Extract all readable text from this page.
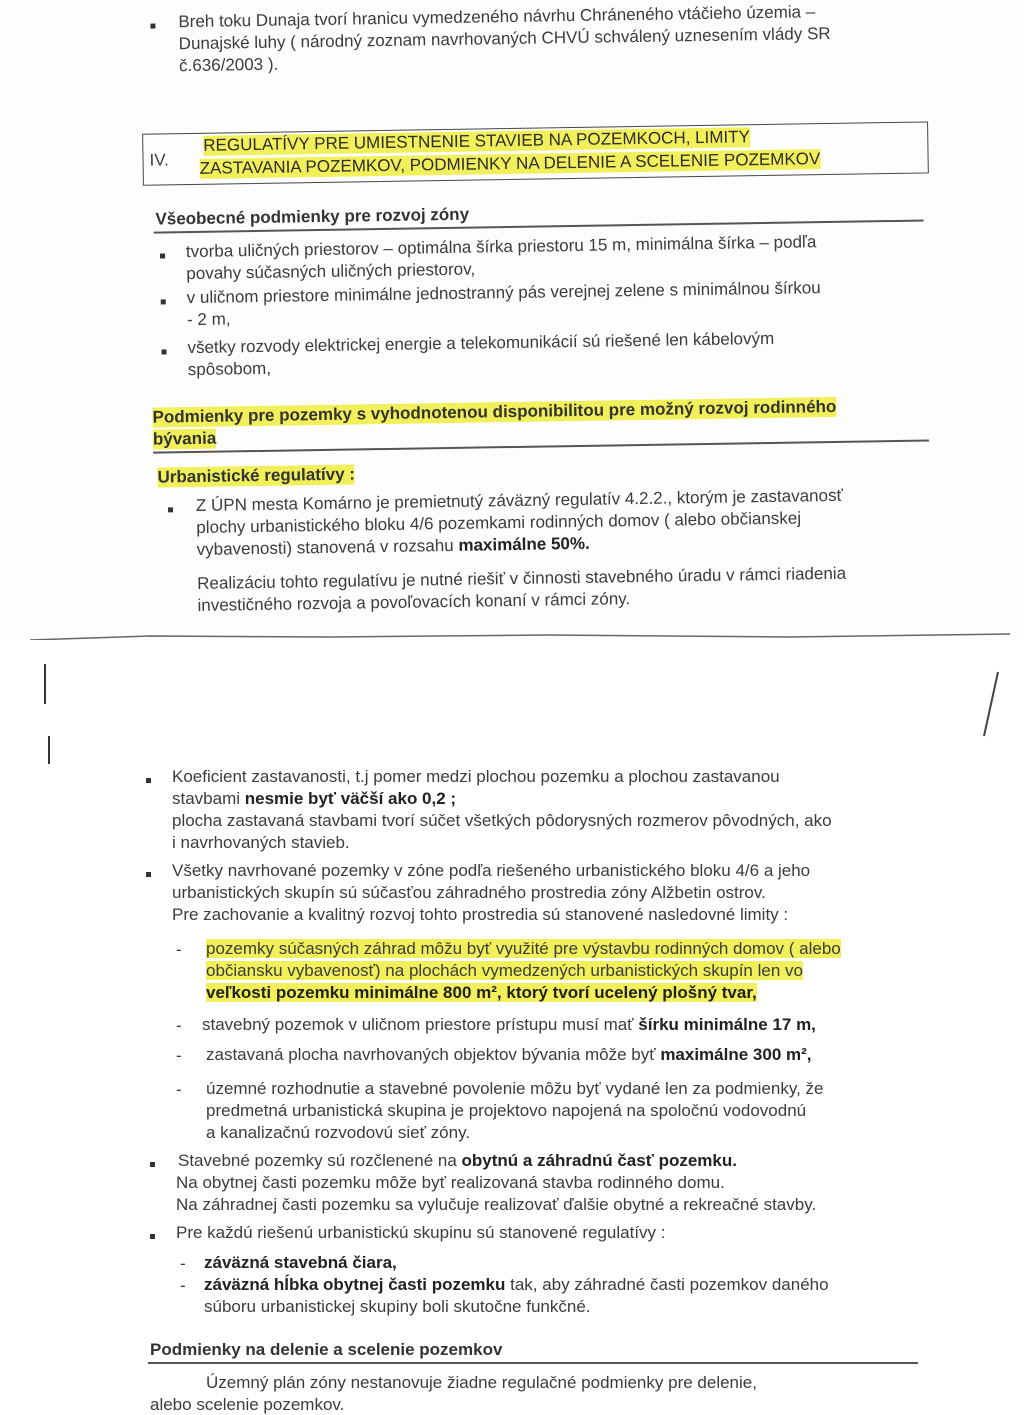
Breh toku Dunaja tvorí hranicu vymedzeného návrhu Chráneného vtáčieho územia –
Dunajské luhy ( národný zoznam navrhovaných CHVÚ schválený uznesením vlády SR
č.636/2003 ).
IV.
REGULATÍVY PRE UMIESTNENIE STAVIEB NA POZEMKOCH, LIMITY
ZASTAVANIA POZEMKOV, PODMIENKY NA DELENIE A SCELENIE POZEMKOV
Všeobecné podmienky pre rozvoj zóny
tvorba uličných priestorov – optimálna šírka priestoru 15 m, minimálna šírka – podľa
povahy súčasných uličných priestorov,
v uličnom priestore minimálne jednostranný pás verejnej zelene s minimálnou šírkou
- 2 m,
všetky rozvody elektrickej energie a telekomunikácií sú riešené len kábelovým
spôsobom,
Podmienky pre pozemky s vyhodnotenou disponibilitou pre možný rozvoj rodinného
bývania
Urbanistické regulatívy :
Z ÚPN mesta Komárno je premietnutý záväzný regulatív 4.2.2., ktorým je zastavanosť
plochy urbanistického bloku 4/6 pozemkami rodinných domov ( alebo občianskej
vybavenosti) stanovená v rozsahu maximálne 50%.
Realizáciu tohto regulatívu je nutné riešiť v činnosti stavebného úradu v rámci riadenia
investičného rozvoja a povoľovacích konaní v rámci zóny.
Koeficient zastavanosti, t.j pomer medzi plochou pozemku a plochou zastavanou
stavbami nesmie byť väčší ako 0,2 ;
plocha zastavaná stavbami tvorí súčet všetkých pôdorysných rozmerov pôvodných, ako
i navrhovaných stavieb.
Všetky navrhované pozemky v zóne podľa riešeného urbanistického bloku 4/6 a jeho
urbanistických skupín sú súčasťou záhradného prostredia zóny Alžbetin ostrov.
Pre zachovanie a kvalitný rozvoj tohto prostredia sú stanovené nasledovné limity :
- pozemky súčasných záhrad môžu byť využité pre výstavbu rodinných domov ( alebo
občiansku vybavenosť) na plochách vymedzených urbanistických skupín len vo
veľkosti pozemku minimálne 800 m², ktorý tvorí ucelený plošný tvar,
- stavebný pozemok v uličnom priestore prístupu musí mať šírku minimálne 17 m,
- zastavaná plocha navrhovaných objektov bývania môže byť maximálne 300 m²,
- územné rozhodnutie a stavebné povolenie môžu byť vydané len za podmienky, že
predmetná urbanistická skupina je projektovo napojená na spoločnú vodovodnú
a kanalizačnú rozvodovú sieť zóny.
Stavebné pozemky sú rozčlenené na obytnú a záhradnú časť pozemku.
Na obytnej časti pozemku môže byť realizovaná stavba rodinného domu.
Na záhradnej časti pozemku sa vylučuje realizovať ďalšie obytné a rekreačné stavby.
Pre každú riešenú urbanistickú skupinu sú stanovené regulatívy :
- záväzná stavebná čiara,
- záväzná hĺbka obytnej časti pozemku tak, aby záhradné časti pozemkov daného
súboru urbanistickej skupiny boli skutočne funkčné.
Podmienky na delenie a scelenie pozemkov
Územný plán zóny nestanovuje žiadne regulačné podmienky pre delenie,
alebo scelenie pozemkov.
